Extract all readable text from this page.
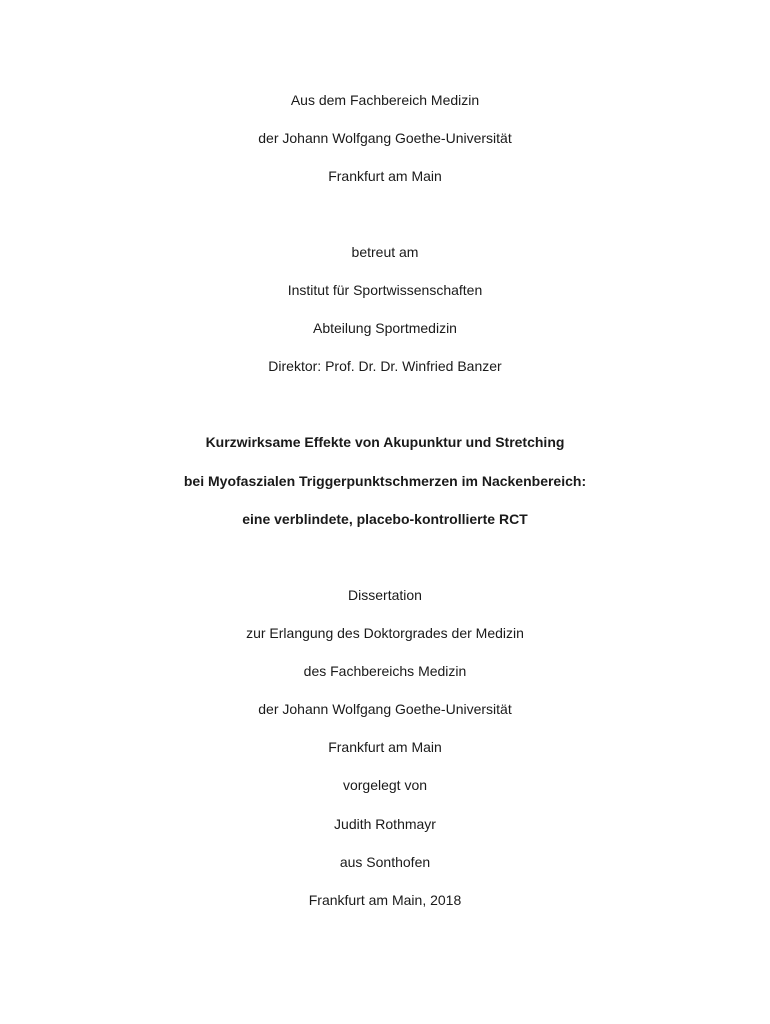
Aus dem Fachbereich Medizin
der Johann Wolfgang Goethe-Universität
Frankfurt am Main
betreut am
Institut für Sportwissenschaften
Abteilung Sportmedizin
Direktor: Prof. Dr. Dr. Winfried Banzer
Kurzwirksame Effekte von Akupunktur und Stretching
bei Myofaszialen Triggerpunktschmerzen im Nackenbereich:
eine verblindete, placebo-kontrollierte RCT
Dissertation
zur Erlangung des Doktorgrades der Medizin
des Fachbereichs Medizin
der Johann Wolfgang Goethe-Universität
Frankfurt am Main
vorgelegt von
Judith Rothmayr
aus Sonthofen
Frankfurt am Main, 2018
